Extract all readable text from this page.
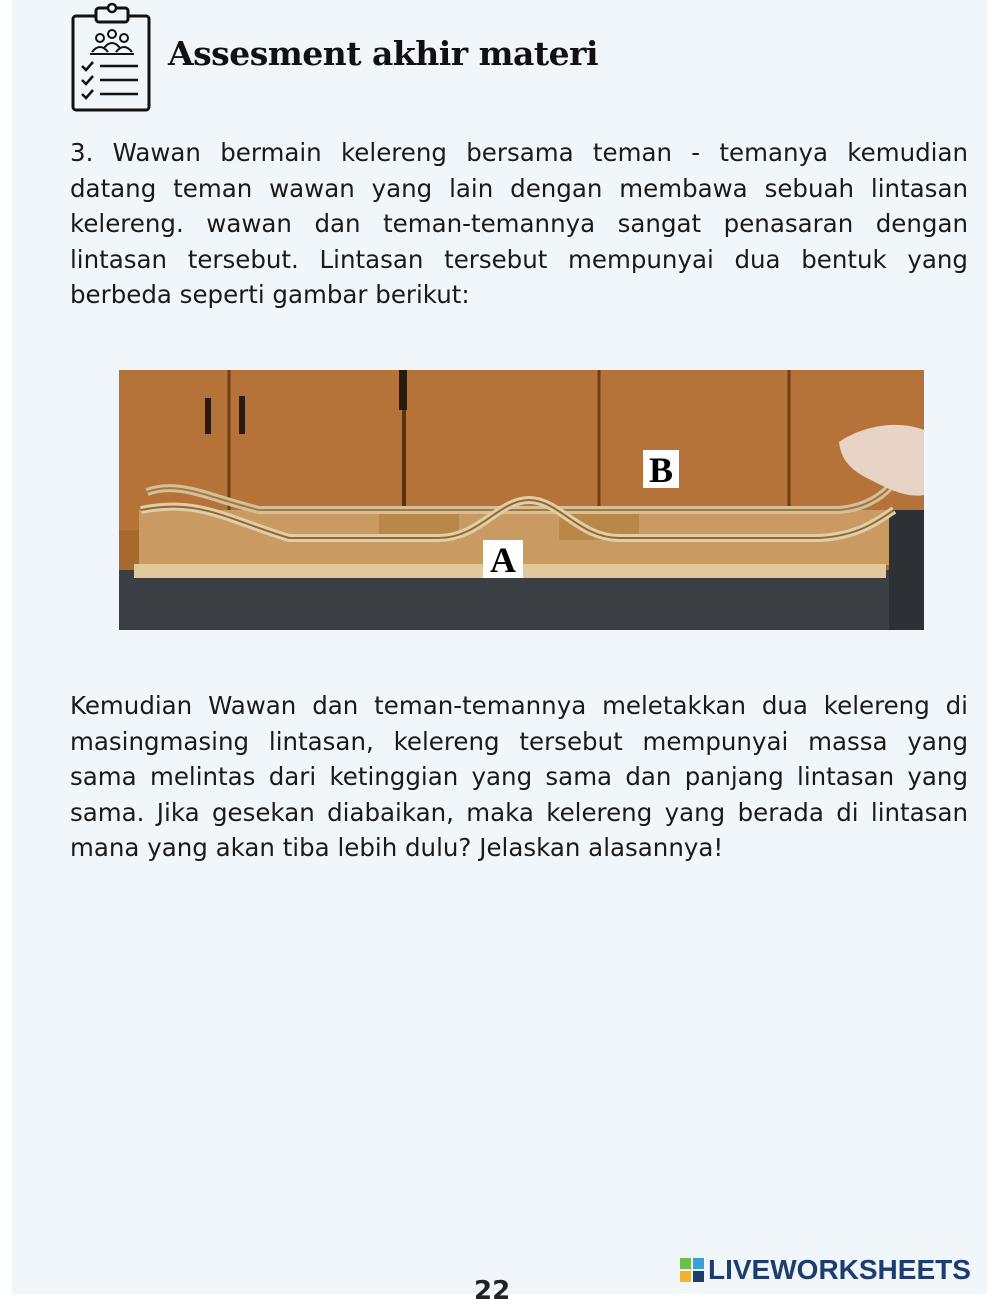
Assesment akhir materi

3. Wawan bermain kelereng bersama teman - temanya kemudian datang teman wawan yang lain dengan membawa sebuah lintasan kelereng. wawan dan teman-temannya sangat penasaran dengan lintasan tersebut. Lintasan tersebut mempunyai dua bentuk yang berbeda seperti gambar berikut:

B
A

Kemudian Wawan dan teman-temannya meletakkan dua kelereng di masingmasing lintasan, kelereng tersebut mempunyai massa yang sama melintas dari ketinggian yang sama dan panjang lintasan yang sama. Jika gesekan diabaikan, maka kelereng yang berada di lintasan mana yang akan tiba lebih dulu? Jelaskan alasannya!

22
LIVEWORKSHEETS
